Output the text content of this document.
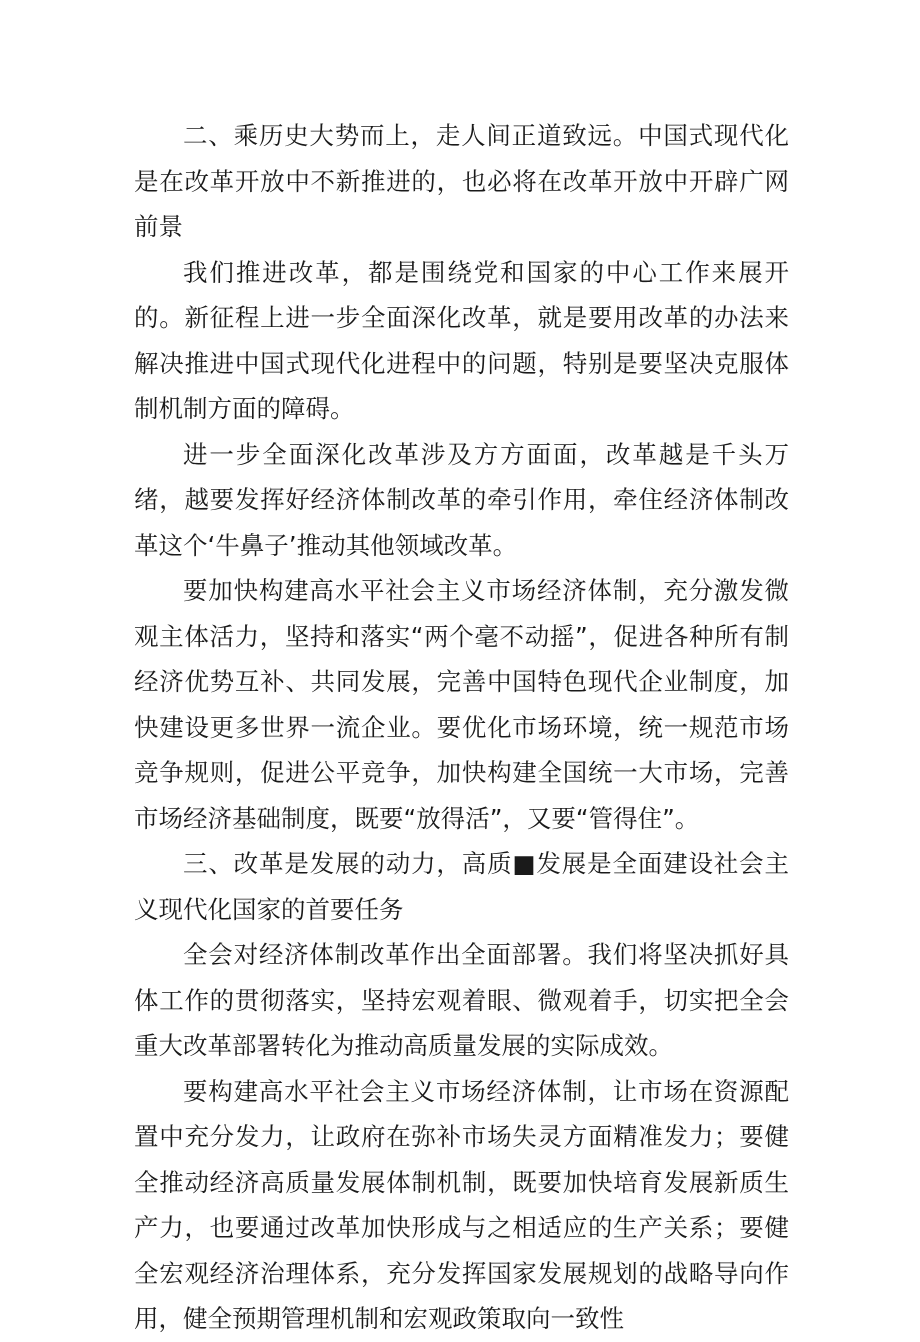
二、乘历史大势而上，走人间正道致远。中国式现代化是在改革开放中不新推进的，也必将在改革开放中开辟广网前景

我们推进改革，都是围绕党和国家的中心工作来展开的。新征程上进一步全面深化改革，就是要用改革的办法来解决推进中国式现代化进程中的问题，特别是要坚决克服体制机制方面的障碍。

进一步全面深化改革涉及方方面面，改革越是千头万绪，越要发挥好经济体制改革的牵引作用，牵住经济体制改革这个‘牛鼻子’推动其他领域改革。

要加快构建高水平社会主义市场经济体制，充分激发微观主体活力，坚持和落实“两个毫不动摇”，促进各种所有制经济优势互补、共同发展，完善中国特色现代企业制度，加快建设更多世界一流企业。要优化市场环境，统一规范市场竞争规则，促进公平竞争，加快构建全国统一大市场，完善市场经济基础制度，既要“放得活”，又要“管得住”。

三、改革是发展的动力，高质■发展是全面建设社会主义现代化国家的首要任务

全会对经济体制改革作出全面部署。我们将坚决抓好具体工作的贯彻落实，坚持宏观着眼、微观着手，切实把全会重大改革部署转化为推动高质量发展的实际成效。

要构建高水平社会主义市场经济体制，让市场在资源配置中充分发力，让政府在弥补市场失灵方面精准发力；要健全推动经济高质量发展体制机制，既要加快培育发展新质生产力，也要通过改革加快形成与之相适应的生产关系；要健全宏观经济治理体系，充分发挥国家发展规划的战略导向作用，健全预期管理机制和宏观政策取向一致性
